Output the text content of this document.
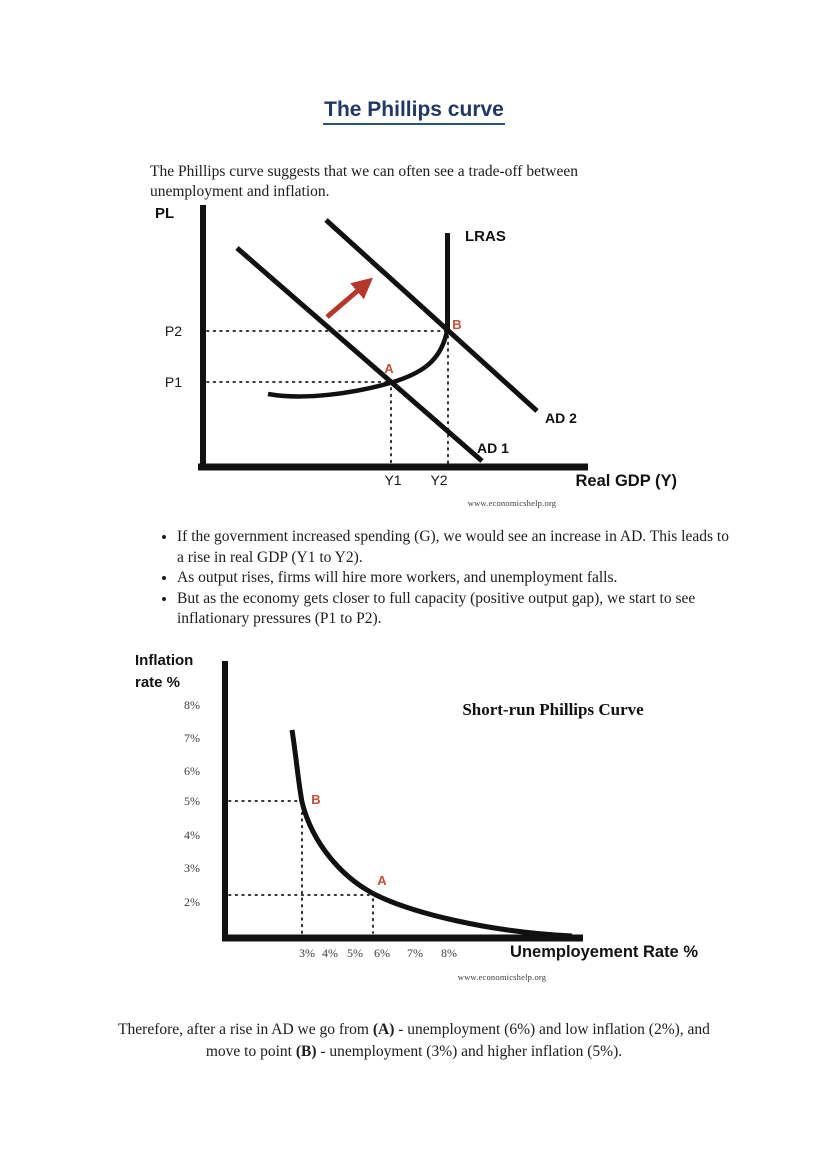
The Phillips curve

The Phillips curve suggests that we can often see a trade-off between unemployment and inflation.

PL
P2
P1
LRAS
A
B
AD 2
AD 1
Y1 Y2	Real GDP (Y)
www.economicshelp.org
• If the government increased spending (G), we would see an increase in AD. This leads to a rise in real GDP (Y1 to Y2).
• As output rises, firms will hire more workers, and unemployment falls.
• But as the economy gets closer to full capacity (positive output gap), we start to see inflationary pressures (P1 to P2).
8%
7%
6%
5%
4%
3%
2%
3% 4% 5% 6% 7% 8%
Inflation
rate %
Short-run Phillips Curve
B
A
Unemployement Rate %
www.economicshelp.org

Therefore, after a rise in AD we go from (A) - unemployment (6%) and low inflation (2%), and move to point (B) - unemployment (3%) and higher inflation (5%).
